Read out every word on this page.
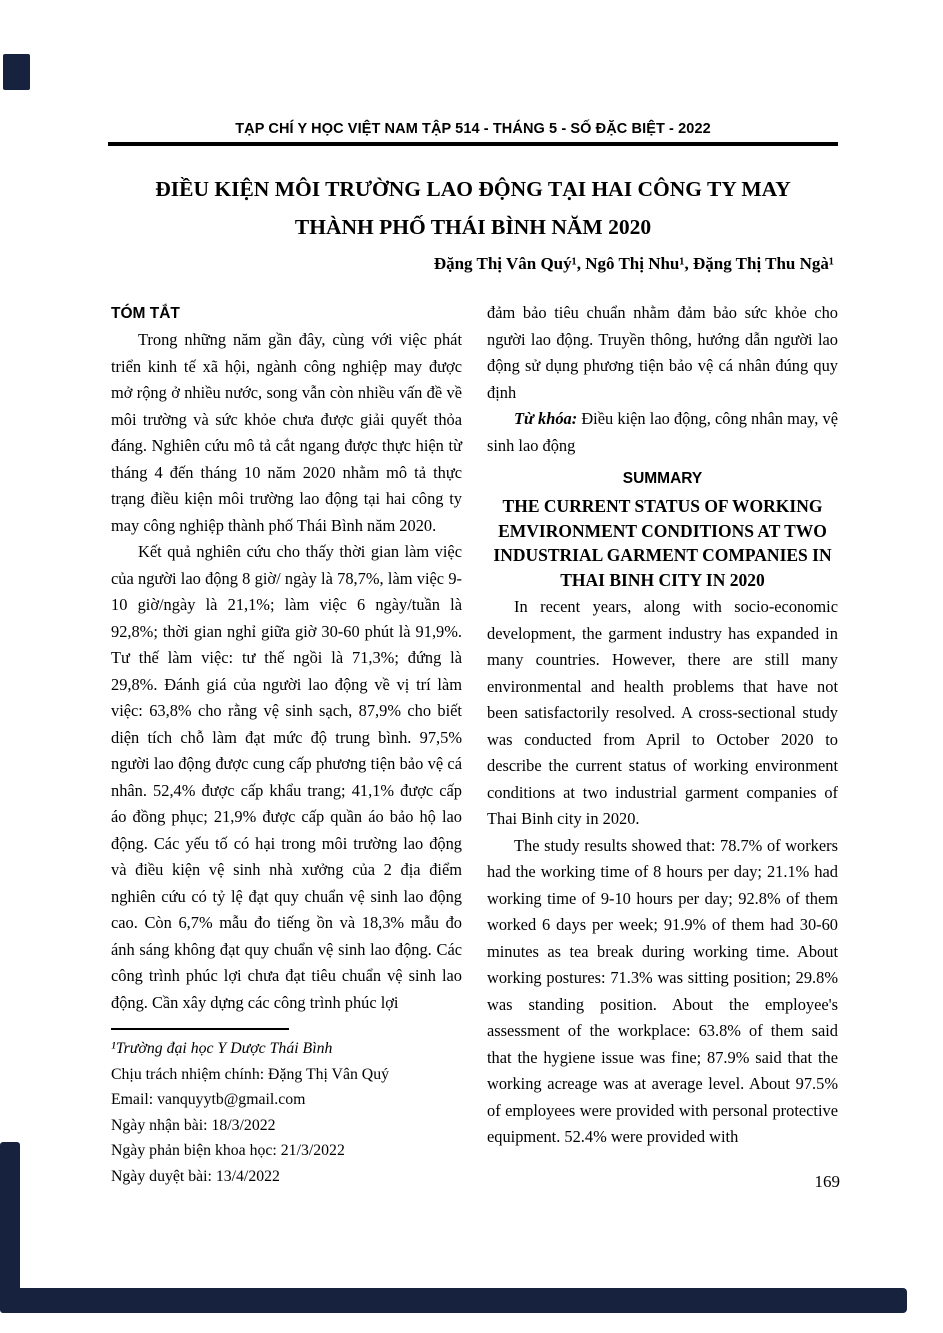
TẠP CHÍ Y HỌC VIỆT NAM TẬP 514 - THÁNG 5 - SỐ ĐẶC BIỆT - 2022
ĐIỀU KIỆN MÔI TRƯỜNG LAO ĐỘNG TẠI HAI CÔNG TY MAY
THÀNH PHỐ THÁI BÌNH NĂM 2020
Đặng Thị Vân Quý¹, Ngô Thị Nhu¹, Đặng Thị Thu Ngà¹
TÓM TẮT

Trong những năm gần đây, cùng với việc phát triển kinh tế xã hội, ngành công nghiệp may được mở rộng ở nhiều nước, song vẫn còn nhiều vấn đề về môi trường và sức khỏe chưa được giải quyết thỏa đáng. Nghiên cứu mô tả cắt ngang được thực hiện từ tháng 4 đến tháng 10 năm 2020 nhằm mô tả thực trạng điều kiện môi trường lao động tại hai công ty may công nghiệp thành phố Thái Bình năm 2020.

Kết quả nghiên cứu cho thấy thời gian làm việc của người lao động 8 giờ/ ngày là 78,7%, làm việc 9-10 giờ/ngày là 21,1%; làm việc 6 ngày/tuần là 92,8%; thời gian nghỉ giữa giờ 30-60 phút là 91,9%. Tư thế làm việc: tư thế ngồi là 71,3%; đứng là 29,8%. Đánh giá của người lao động về vị trí làm việc: 63,8% cho rằng vệ sinh sạch, 87,9% cho biết diện tích chỗ làm đạt mức độ trung bình. 97,5% người lao động được cung cấp phương tiện bảo vệ cá nhân. 52,4% được cấp khẩu trang; 41,1% được cấp áo đồng phục; 21,9% được cấp quần áo bảo hộ lao động. Các yếu tố có hại trong môi trường lao động và điều kiện vệ sinh nhà xưởng của 2 địa điểm nghiên cứu có tỷ lệ đạt quy chuẩn vệ sinh lao động cao. Còn 6,7% mẫu đo tiếng ồn và 18,3% mẫu đo ánh sáng không đạt quy chuẩn vệ sinh lao động. Các công trình phúc lợi chưa đạt tiêu chuẩn vệ sinh lao động. Cần xây dựng các công trình phúc lợi

¹Trường đại học Y Dược Thái Bình
Chịu trách nhiệm chính: Đặng Thị Vân Quý
Email: vanquyytb@gmail.com
Ngày nhận bài: 18/3/2022
Ngày phản biện khoa học: 21/3/2022
Ngày duyệt bài: 13/4/2022

đảm bảo tiêu chuẩn nhằm đảm bảo sức khỏe cho người lao động. Truyền thông, hướng dẫn người lao động sử dụng phương tiện bảo vệ cá nhân đúng quy định

Từ khóa: Điều kiện lao động, công nhân may, vệ sinh lao động

SUMMARY
THE CURRENT STATUS OF WORKING EMVIRONMENT CONDITIONS AT TWO INDUSTRIAL GARMENT COMPANIES IN THAI BINH CITY IN 2020

In recent years, along with socio-economic development, the garment industry has expanded in many countries. However, there are still many environmental and health problems that have not been satisfactorily resolved. A cross-sectional study was conducted from April to October 2020 to describe the current status of working environment conditions at two industrial garment companies of Thai Binh city in 2020.

The study results showed that: 78.7% of workers had the working time of 8 hours per day; 21.1% had working time of 9-10 hours per day; 92.8% of them worked 6 days per week; 91.9% of them had 30-60 minutes as tea break during working time. About working postures: 71.3% was sitting position; 29.8% was standing position. About the employee's assessment of the workplace: 63.8% of them said that the hygiene issue was fine; 87.9% said that the working acreage was at average level. About 97.5% of employees were provided with personal protective equipment. 52.4% were provided with

169
